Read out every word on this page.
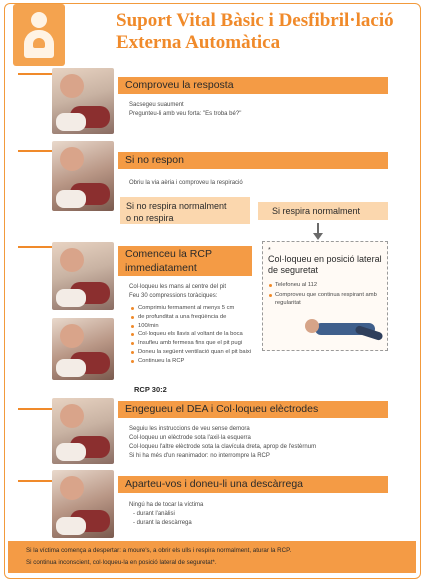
Suport Vital Bàsic i Desfibril·lació
Externa Automàtica
Comproveu la resposta
Sacsegeu suaument
Pregunteu-li amb veu forta: "Es troba bé?"
Si no respon
Obriu la via aèria i comproveu la respiració
Si no respira normalment
o no respira
Si respira normalment
Comenceu la RCP
immediatament
Col·loqueu les mans al centre del pit
Feu 30 compressions toràciques:
Comprimiu fermament al menys 5 cm
de profunditat a una freqüència de
100/min
Col·loqueu els llavis al voltant de la boca
Insufleu amb fermesa fins que el pit pugi
Doneu la següent ventilació quan el pit baixi
Continueu la RCP
RCP 30:2
*
Col·loqueu en posició lateral de seguretat
Telefoneu al 112
Comproveu que continua respirant amb regularitat
Engegueu el DEA i Col·loqueu elèctrodes
Seguiu les instruccions de veu sense demora
Col·loqueu un elèctrode sota l'axil·la esquerra
Col·loqueu l'altre elèctrode sota la clavícula dreta, aprop de l'estèrnum
Si hi ha més d'un reanimador: no interrompre la RCP
Aparteu-vos i doneu-li una descàrrega
Ningú ha de tocar la víctima
- durant l'anàlisi
- durant la descàrrega
Si la víctima comença a despertar: a moure's, a obrir els ulls i respira normalment, aturar la RCP.
Si continua inconscient, col·loqueu-la en posició lateral de seguretat*.
